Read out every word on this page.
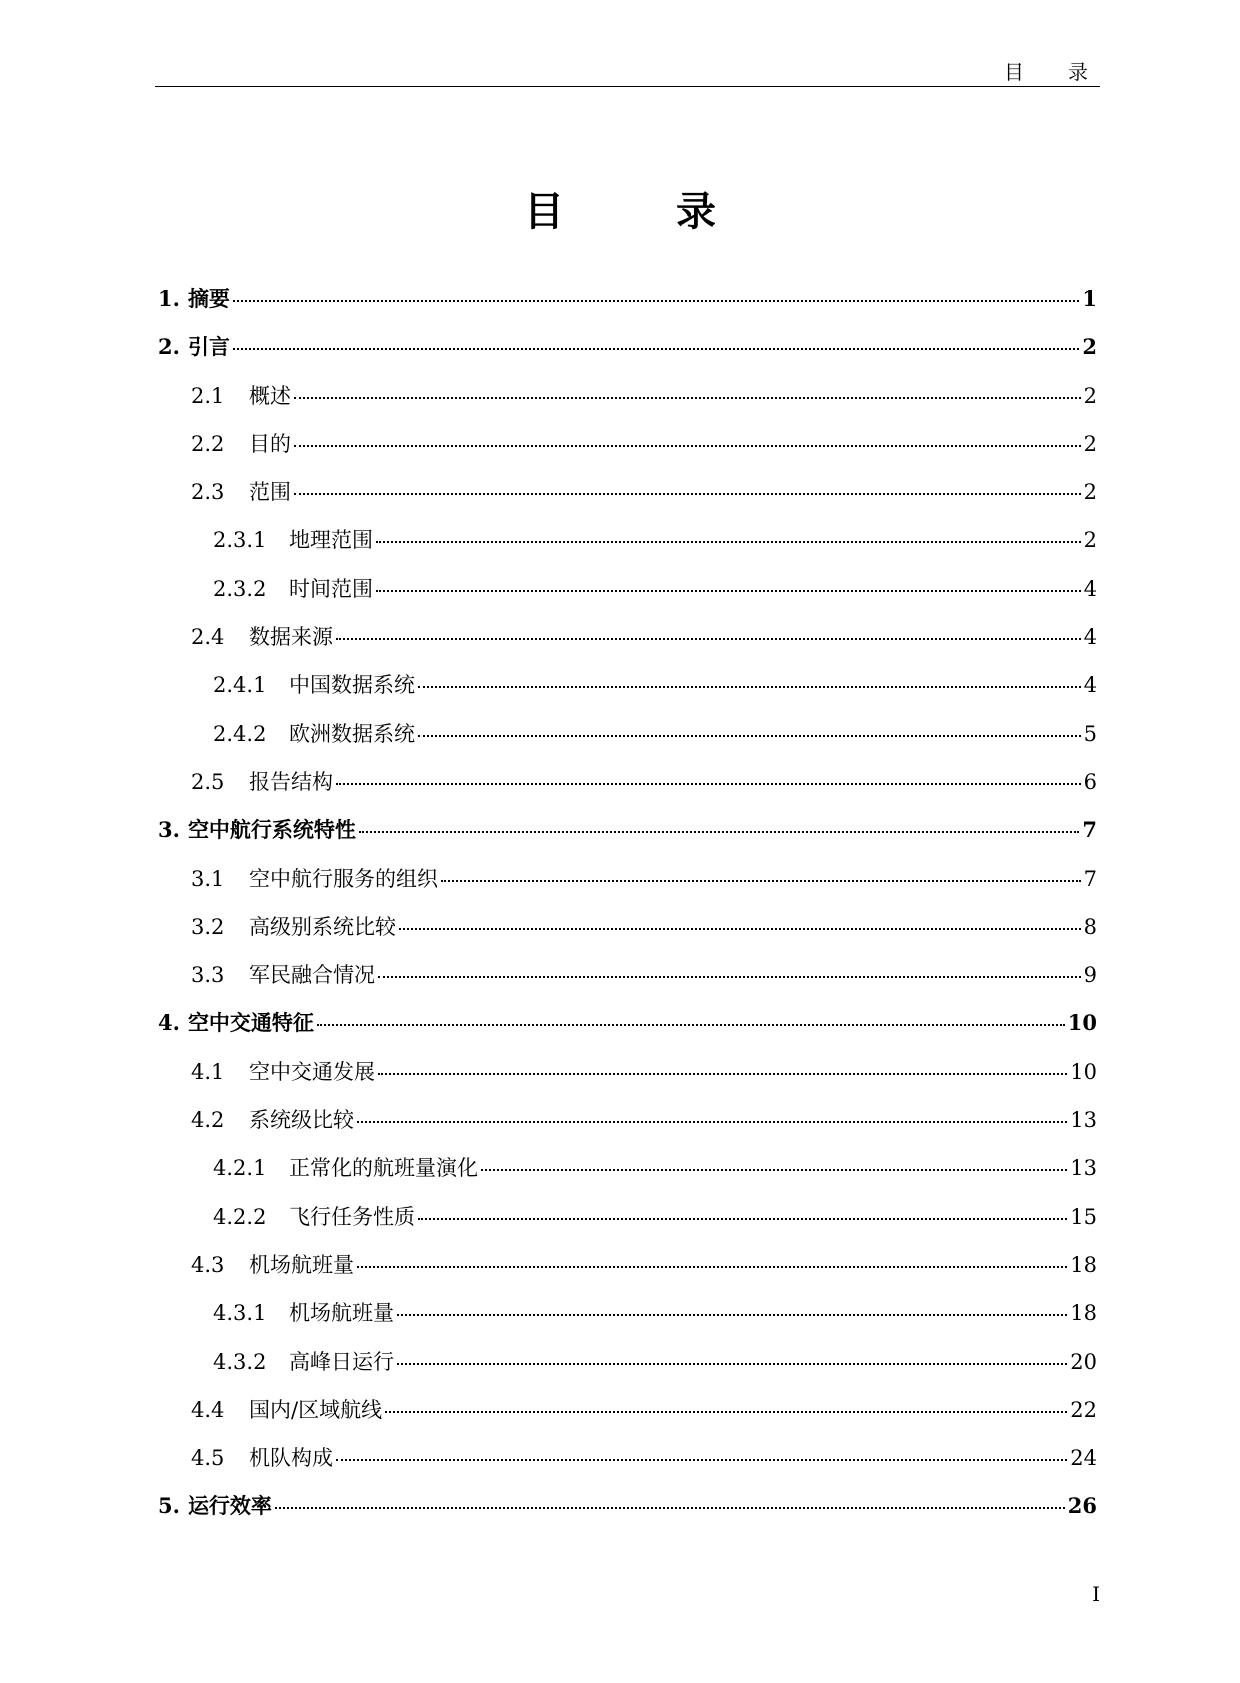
目　录
目　录
1. 摘要	1
2. 引言	2
2.1	概述	2
2.2	目的	2
2.3	范围	2
2.3.1	地理范围	2
2.3.2	时间范围	4
2.4	数据来源	4
2.4.1	中国数据系统	4
2.4.2	欧洲数据系统	5
2.5	报告结构	6
3. 空中航行系统特性	7
3.1	空中航行服务的组织	7
3.2	高级别系统比较	8
3.3	军民融合情况	9
4. 空中交通特征	10
4.1	空中交通发展	10
4.2	系统级比较	13
4.2.1	正常化的航班量演化	13
4.2.2	飞行任务性质	15
4.3	机场航班量	18
4.3.1	机场航班量	18
4.3.2	高峰日运行	20
4.4	国内/区域航线	22
4.5	机队构成	24
5. 运行效率	26
I
